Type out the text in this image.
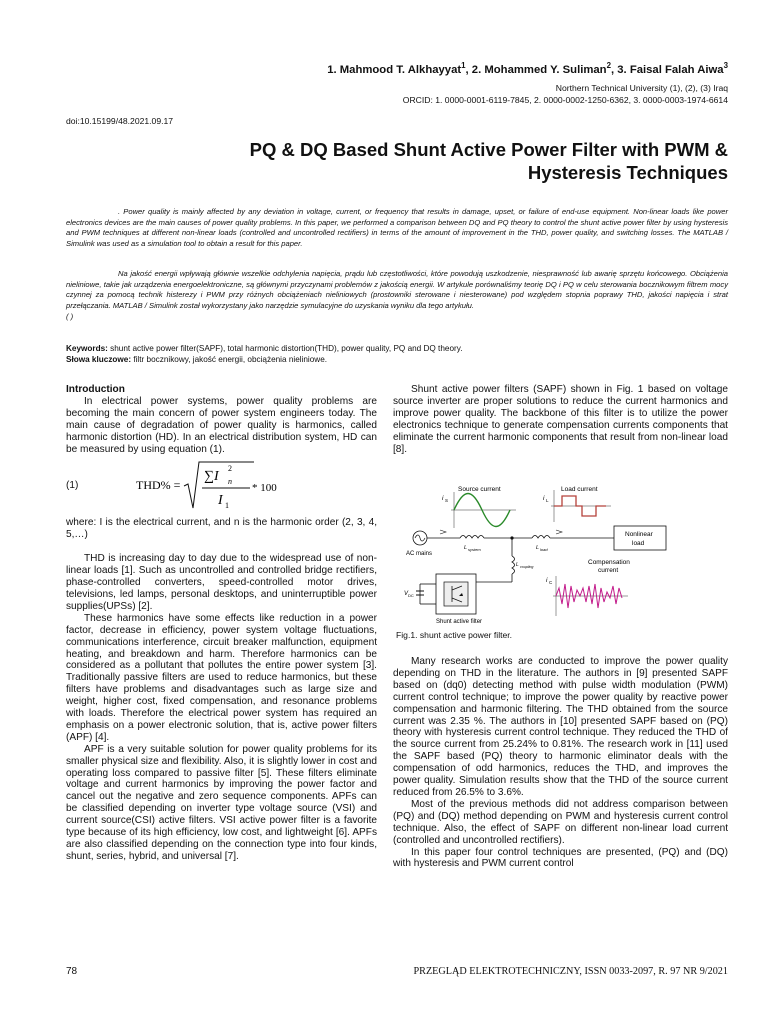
1. Mahmood T. Alkhayyat$^1$, 2. Mohammed Y. Suliman$^2$, 3. Faisal Falah Aiwa$^3$
Northern Technical University (1), (2), (3) Iraq
ORCID: 1. 0000-0001-6119-7845, 2. 0000-0002-1250-6362, 3. 0000-0003-1974-6614
doi:10.15199/48.2021.09.17
PQ & DQ Based Shunt Active Power Filter with PWM &
Hysteresis Techniques
. Power quality is mainly affected by any deviation in voltage, current, or frequency that results in damage, upset, or failure of end-use equipment. Non-linear loads like power electronics devices are the main causes of power quality problems. In this paper, we performed a comparison between DQ and PQ theory to control the shunt active power filter by using hysteresis and PWM techniques at different non-linear loads (controlled and uncontrolled rectifiers) in terms of the amount of improvement in the THD, power quality, and switching losses. The MATLAB / Simulink was used as a simulation tool to obtain a result for this paper.
Na jakość energii wpływają głównie wszelkie odchylenia napięcia, prądu lub częstotliwości, które powodują uszkodzenie, niesprawność lub awarię sprzętu końcowego. Obciążenia nieliniowe, takie jak urządzenia energoelektroniczne, są głównymi przyczynami problemów z jakością energii. W artykule porównaliśmy teorię DQ i PQ w celu sterowania bocznikowym filtrem mocy czynnej za pomocą technik histerezy i PWM przy różnych obciążeniach nieliniowych (prostowniki sterowane i niesterowane) pod względem stopnia poprawy THD, jakości napięcia i strat przełączania. MATLAB / Simulink został wykorzystany jako narzędzie symulacyjne do uzyskania wyniku dla tego artykułu.
( )
Keywords: shunt active power filter(SAPF), total harmonic distortion(THD), power quality, PQ and DQ theory.
Słowa kluczowe: filtr bocznikowy, jakość energii, obciążenia nieliniowe.

Introduction

In electrical power systems, power quality problems are becoming the main concern of power system engineers today. The main cause of degradation of power quality is harmonics, called harmonic distortion (HD). In an electrical distribution system, HD can be measured by using equation (1).

(1)	THD% =
∑I n
2
I 1
* 100

where: I is the electrical current, and n is the harmonic order (2, 3, 4, 5,…)

THD is increasing day to day due to the widespread use of non-linear loads [1]. Such as uncontrolled and controlled bridge rectifiers, phase-controlled converters, speed-controlled motor drives, televisions, led lamps, personal desktops, and uninterruptible power supplies(UPSs) [2].

These harmonics have some effects like reduction in a power factor, decrease in efficiency, power system voltage fluctuations, communications interference, circuit breaker malfunction, equipment heating, and breakdown and harm. Therefore harmonics can be considered as a pollutant that pollutes the entire power system [3]. Traditionally passive filters are used to reduce harmonics, but these filters have problems and disadvantages such as large size and weight, higher cost, fixed compensation, and resonance problems with loads. Therefore the electrical power system has required an emphasis on a power electronic solution, that is, active power filters (APF) [4].

APF is a very suitable solution for power quality problems for its smaller physical size and flexibility. Also, it is slightly lower in cost and operating loss compared to passive filter [5]. These filters eliminate voltage and current harmonics by improving the power factor and cancel out the negative and zero sequence components. APFs can be classified depending on inverter type voltage source (VSI) and current source(CSI) active filters. VSI active power filter is a favorite type because of its high efficiency, low cost, and lightweight [6]. APFs are also classified depending on the connection type into four kinds, shunt, series, hybrid, and universal [7].

Shunt active power filters (SAPF) shown in Fig. 1 based on voltage source inverter are proper solutions to reduce the current harmonics and improve power quality. The backbone of this filter is to utilize the power electronics technique to generate compensation currents components that eliminate the current harmonic components that result from non-linear load [8].

Source current
i S
Load current
i L
AC mains
L system	L load
Nonlinear
load
L coupling
V DC
Shunt active filter
Compensation
current
i C
Fig.1. shunt active power filter.

Many research works are conducted to improve the power quality depending on THD in the literature. The authors in [9] presented SAPF based on (dq0) detecting method with pulse width modulation (PWM) current control technique; to improve the power quality by reactive power compensation and harmonic filtering. The THD obtained from the source current was 2.35 %. The authors in [10] presented SAPF based on (PQ) theory with hysteresis current control technique. They reduced the THD of the source current from 25.24% to 0.81%. The research work in [11] used the SAPF based (PQ) theory to harmonic eliminator deals with the compensation of odd harmonics, reduces the THD, and improves the power quality. Simulation results show that the THD of the source current reduced from 26.5% to 3.6%.

Most of the previous methods did not address comparison between (PQ) and (DQ) method depending on PWM and hysteresis current control technique. Also, the effect of SAPF on different non-linear load current (controlled and uncontrolled rectifiers).

In this paper four control techniques are presented, (PQ) and (DQ) with hysteresis and PWM current control

78	PRZEGLĄD ELEKTROTECHNICZNY, ISSN 0033-2097, R. 97 NR 9/2021
